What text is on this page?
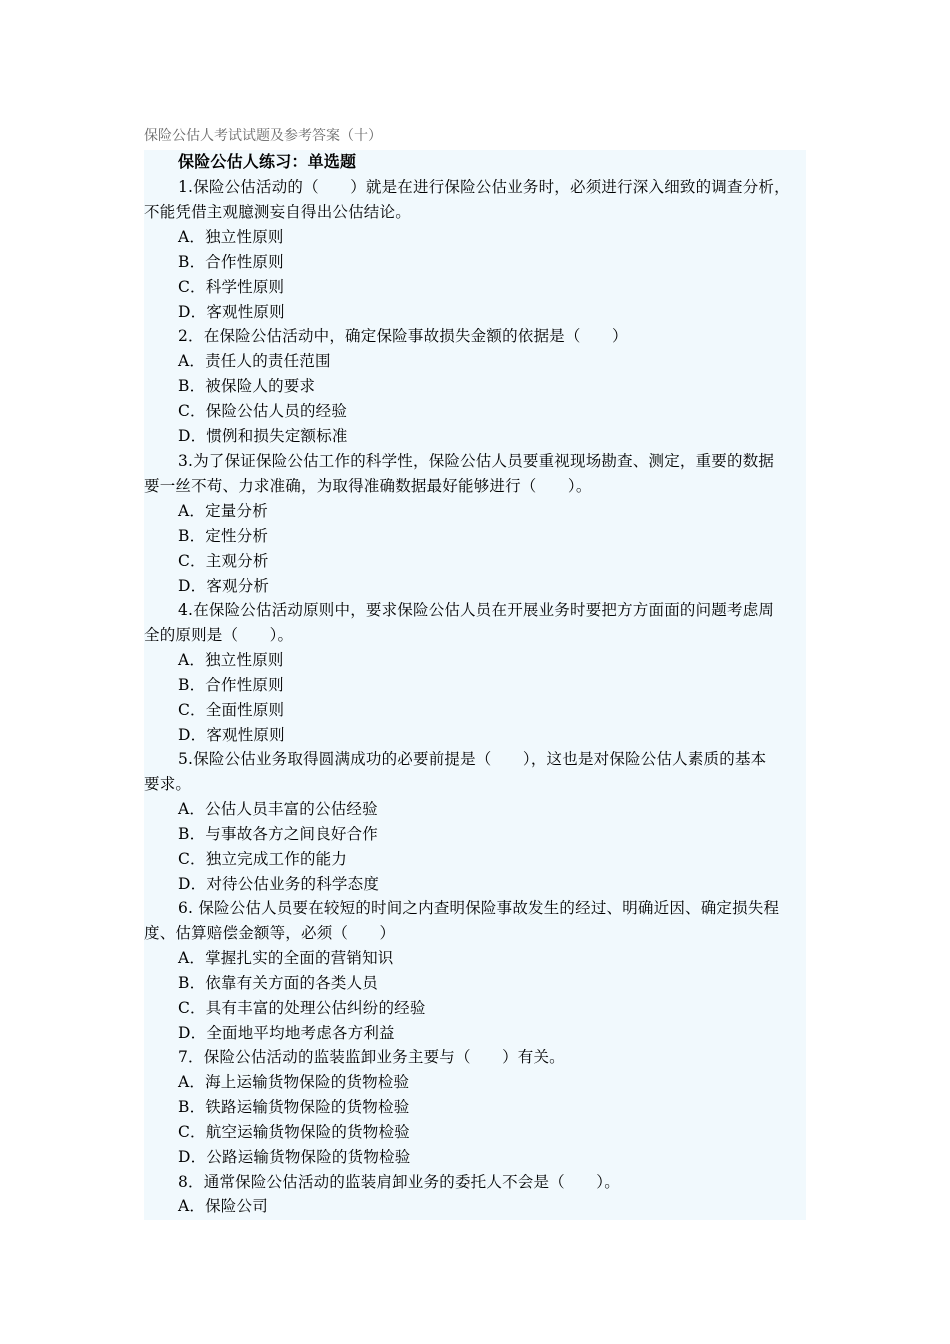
保险公估人考试试题及参考答案（十）
保险公估人练习：单选题
1.保险公估活动的（　　）就是在进行保险公估业务时，必须进行深入细致的调查分析，
不能凭借主观臆测妄自得出公估结论。
A．独立性原则
B．合作性原则
C．科学性原则
D．客观性原则
2．在保险公估活动中，确定保险事故损失金额的依据是（　　）
A．责任人的责任范围
B．被保险人的要求
C．保险公估人员的经验
D．惯例和损失定额标准
3.为了保证保险公估工作的科学性，保险公估人员要重视现场勘查、测定，重要的数据
要一丝不苟、力求准确，为取得准确数据最好能够进行（　　）。
A．定量分析
B．定性分析
C．主观分析
D．客观分析
4.在保险公估活动原则中，要求保险公估人员在开展业务时要把方方面面的问题考虑周
全的原则是（　　）。
A．独立性原则
B．合作性原则
C．全面性原则
D．客观性原则
5.保险公估业务取得圆满成功的必要前提是（　　），这也是对保险公估人素质的基本
要求。
A．公估人员丰富的公估经验
B．与事故各方之间良好合作
C．独立完成工作的能力
D．对待公估业务的科学态度
6. 保险公估人员要在较短的时间之内查明保险事故发生的经过、明确近因、确定损失程
度、估算赔偿金额等，必须（　　）
A．掌握扎实的全面的营销知识
B．依靠有关方面的各类人员
C．具有丰富的处理公估纠纷的经验
D．全面地平均地考虑各方利益
7．保险公估活动的监装监卸业务主要与（　　）有关。
A．海上运输货物保险的货物检验
B．铁路运输货物保险的货物检验
C．航空运输货物保险的货物检验
D．公路运输货物保险的货物检验
8．通常保险公估活动的监装肩卸业务的委托人不会是（　　）。
A．保险公司
